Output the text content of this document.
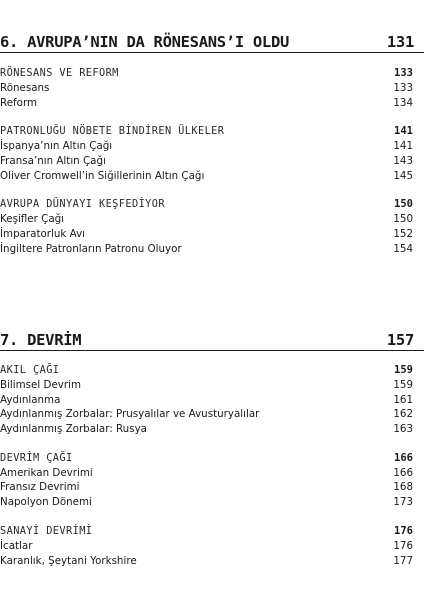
6. AVRUPA’NIN DA RÖNESANS’I OLDU	131
RÖNESANS VE REFORM	133
Rönesans	133
Reform	134
PATRONLUĞU NÖBETE BİNDİREN ÜLKELER	141
İspanya’nın Altın Çağı	141
Fransa’nın Altın Çağı	143
Oliver Cromwell’in Siğillerinin Altın Çağı	145
AVRUPA DÜNYAYI KEŞFEDİYOR	150
Keşifler Çağı	150
İmparatorluk Avı	152
İngiltere Patronların Patronu Oluyor	154
7. DEVRİM	157
AKIL ÇAĞI	159
Bilimsel Devrim	159
Aydınlanma	161
Aydınlanmış Zorbalar: Prusyalılar ve Avusturyalılar	162
Aydınlanmış Zorbalar: Rusya	163
DEVRİM ÇAĞI	166
Amerikan Devrimi	166
Fransız Devrimi	168
Napolyon Dönemi	173
SANAYİ DEVRİMİ	176
İcatlar	176
Karanlık, Şeytani Yorkshire	177
